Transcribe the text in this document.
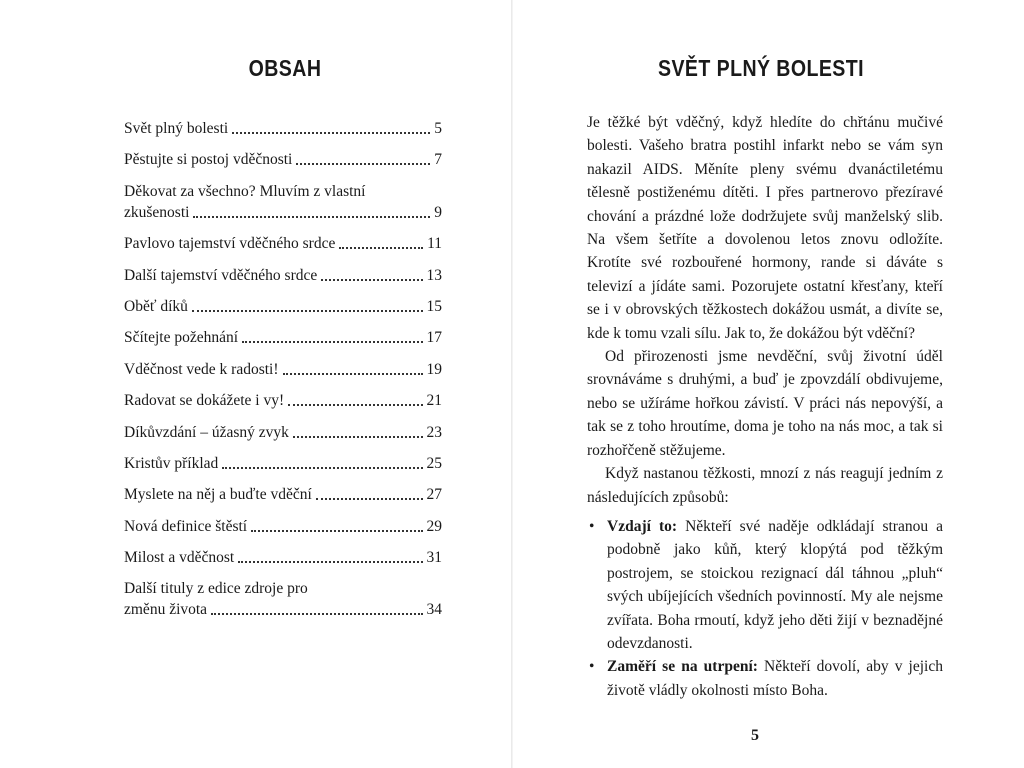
OBSAH
Svět plný bolesti	5
Pěstujte si postoj vděčnosti	7
Děkovat za všechno? Mluvím z vlastní
zkušenosti	9
Pavlovo tajemství vděčného srdce	11
Další tajemství vděčného srdce	13
Oběť díků	15
Sčítejte požehnání	17
Vděčnost vede k radosti!	19
Radovat se dokážete i vy!	21
Díkůvzdání – úžasný zvyk	23
Kristův příklad	25
Myslete na něj a buďte vděční	27
Nová definice štěstí	29
Milost a vděčnost	31
Další tituly z edice zdroje pro
změnu života	34
SVĚT PLNÝ BOLESTI

Je těžké být vděčný, když hledíte do chřtánu mučivé bolesti. Vašeho bratra postihl infarkt nebo se vám syn nakazil AIDS. Měníte pleny svému dvanáctiletému tělesně postiženému dítěti. I přes partnerovo přezíravé chování a prázdné lože dodržujete svůj manželský slib. Na všem šetříte a dovolenou letos znovu odložíte. Krotíte své rozbouřené hormony, rande si dáváte s televizí a jídáte sami. Pozorujete ostatní křesťany, kteří se i v obrovských těžkostech dokážou usmát, a divíte se, kde k tomu vzali sílu. Jak to, že dokážou být vděční?

Od přirozenosti jsme nevděční, svůj životní úděl srovnáváme s druhými, a buď je zpovzdálí obdivujeme, nebo se užíráme hořkou závistí. V práci nás nepovýší, a tak se z toho hroutíme, doma je toho na nás moc, a tak si rozhořčeně stěžujeme.

Když nastanou těžkosti, mnozí z nás reagují jedním z následujících způsobů:

• Vzdají to: Někteří své naděje odkládají stranou a podobně jako kůň, který klopýtá pod těžkým postrojem, se stoickou rezignací dál táhnou „pluh“ svých ubíjejících všedních povinností. My ale nejsme zvířata. Boha rmoutí, když jeho děti žijí v beznadějné odevzdanosti.
• Zaměří se na utrpení: Někteří dovolí, aby v jejich životě vládly okolnosti místo Boha.
5
